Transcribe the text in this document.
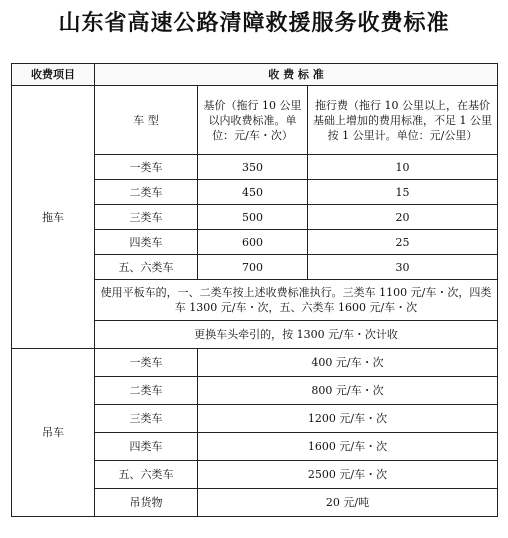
山东省高速公路清障救援服务收费标准
收费项目	收 费 标 准		
拖车	车 型	基价（拖行 10 公里以内收费标准。单位：元/车・次）	拖行费（拖行 10 公里以上，在基价基础上增加的费用标准，不足 1 公里按 1 公里计。单位：元/公里）
	一类车	350	10
	二类车	450	15
	三类车	500	20
	四类车	600	25
	五、六类车	700	30
	使用平板车的，一、二类车按上述收费标准执行。三类车 1100 元/车・次，四类车 1300 元/车・次，五、六类车 1600 元/车・次		
	更换车头牵引的，按 1300 元/车・次计收		
吊车	一类车	400 元/车・次	
	二类车	800 元/车・次	
	三类车	1200 元/车・次	
	四类车	1600 元/车・次	
	五、六类车	2500 元/车・次	
	吊货物	20 元/吨	
